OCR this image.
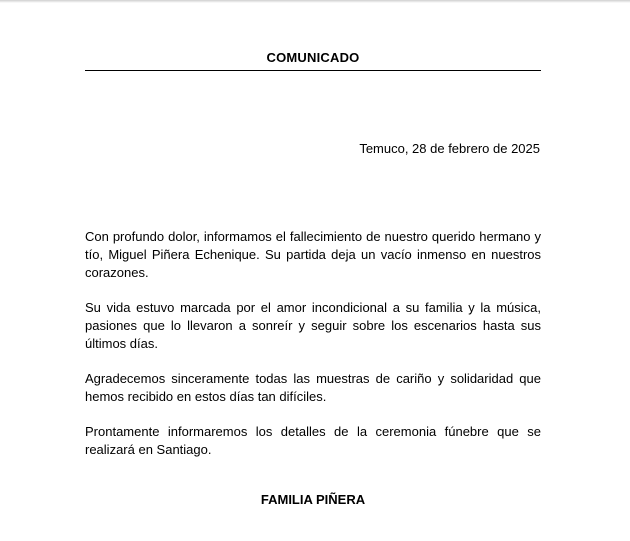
COMUNICADO
Temuco, 28 de febrero de 2025

Con profundo dolor, informamos el fallecimiento de nuestro querido hermano y tío, Miguel Piñera Echenique. Su partida deja un vacío inmenso en nuestros corazones.

Su vida estuvo marcada por el amor incondicional a su familia y la música, pasiones que lo llevaron a sonreír y seguir sobre los escenarios hasta sus últimos días.

Agradecemos sinceramente todas las muestras de cariño y solidaridad que hemos recibido en estos días tan difíciles.

Prontamente informaremos los detalles de la ceremonia fúnebre que se realizará en Santiago.

FAMILIA PIÑERA
